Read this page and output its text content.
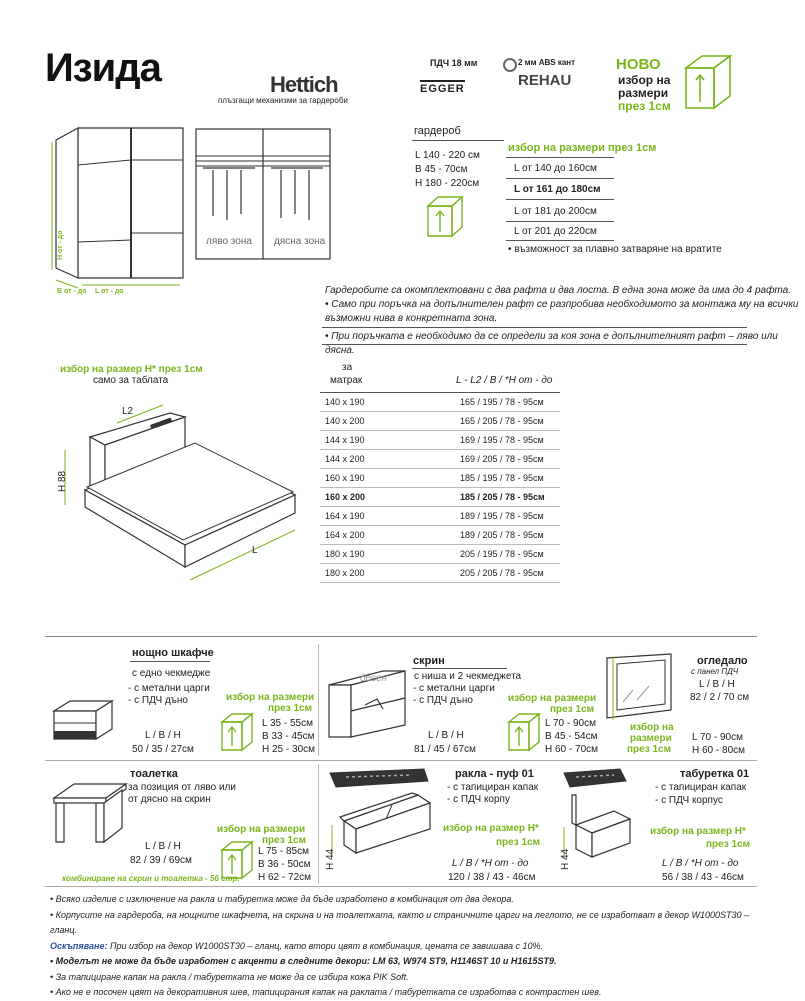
Изида	Hettich
плъзгащи механизми за гардероби
ПДЧ 18 мм
EGGER
2 мм ABS кант
REHAU
НОВО
избор на
размери
през 1см
H от - до
B от - до L от - до
ляво зона дясна зона
гардероб
L 140 - 220 см
B 45 - 70см
H 180 - 220см
избор на размери през 1см
L от 140 до 160см
L от 161 до 180см
L от 181 до 200см
L от 201 до 220см
• възможност за плавно затваряне на вратите
Гардеробите са окомплектовани с два рафта и два лоста. В една зона може да има до 4 рафта.
• Само при поръчка на допълнителен рафт се разпробива необходимото за монтажа му на всички
възможни нива в конкретната зона.
• При поръчката е необходимо да се определи за коя зона е допълнителният рафт – ляво или дясна.
избор на размер H* през 1см
само за таблата
H 88
L2
L
за
матрак	L - L2 / B / *H от - до
140 x 190	165 / 195 / 78 - 95см
140 x 200	165 / 205 / 78 - 95см
144 x 190	169 / 195 / 78 - 95см
144 x 200	169 / 205 / 78 - 95см
160 x 190	185 / 195 / 78 - 95см
160 x 200	185 / 205 / 78 - 95см
164 x 190	189 / 195 / 78 - 95см
164 x 200	189 / 205 / 78 - 95см
180 x 190	205 / 195 / 78 - 95см
180 x 200	205 / 205 / 78 - 95см
нощно шкафче
с едно чекмедже
- с метални царги
- с ПДЧ дъно	избор на размери
през 1см
L 35 - 55см
B 33 - 45см
H 25 - 30см
L / B / H
50 / 35 / 27см
скрин
с ниша и 2 чекмеджета
- с метални царги
- с ПДЧ дъно
десен
избор на размери
през 1см
L 70 - 90см
B 45 - 54см
H 60 - 70см
L / B / H
81 / 45 / 67см
огледало
с панел ПДЧ
L / B / H
82 / 2 / 70 см
избор на
размери
през 1см
L 70 - 90см
H 60 - 80см
тоалетка
за позиция от ляво или
от дясно на скрин
L / B / H
82 / 39 / 69см
избор на размери
през 1см
L 75 - 85см
B 36 - 50см
H 62 - 72см
комбиниране на скрин и тоалетка - 56 стр.
H 44
ракла - пуф 01
- с тапициран капак
- с ПДЧ корпу
избор на размер H*
през 1см
L / B / *H от - до
120 / 38 / 43 - 46см
H 44
табуретка 01
- с тапициран капак
- с ПДЧ корпус
избор на размер H*
през 1см
L / B / *H от - до
56 / 38 / 43 - 46см
• Всяко изделие с изключение на ракла и табуретка може да бъде изработено в комбинация от два декора.
• Корпусите на гардероба, на нощните шкафчета, на скрина и на тоалетката, както и страничните царги на леглото, не се изработват в декор W1000ST30 – гланц.
Оскъпяване: При избор на декор W1000ST30 – гланц, като втори цвят в комбинация, цената се завишава с 10%.
• Моделът не може да бъде изработен с акценти в следните декори: LM 63, W974 ST9, H1146ST 10 и H1615ST9.
• За тапициране капак на ракла / табуретката не може да се избира кожа PIK Soft.
• Ако не е посочен цвят на декоративния шев, тапицирания капак на раклата / табуретката се изработва с контрастен шев.
